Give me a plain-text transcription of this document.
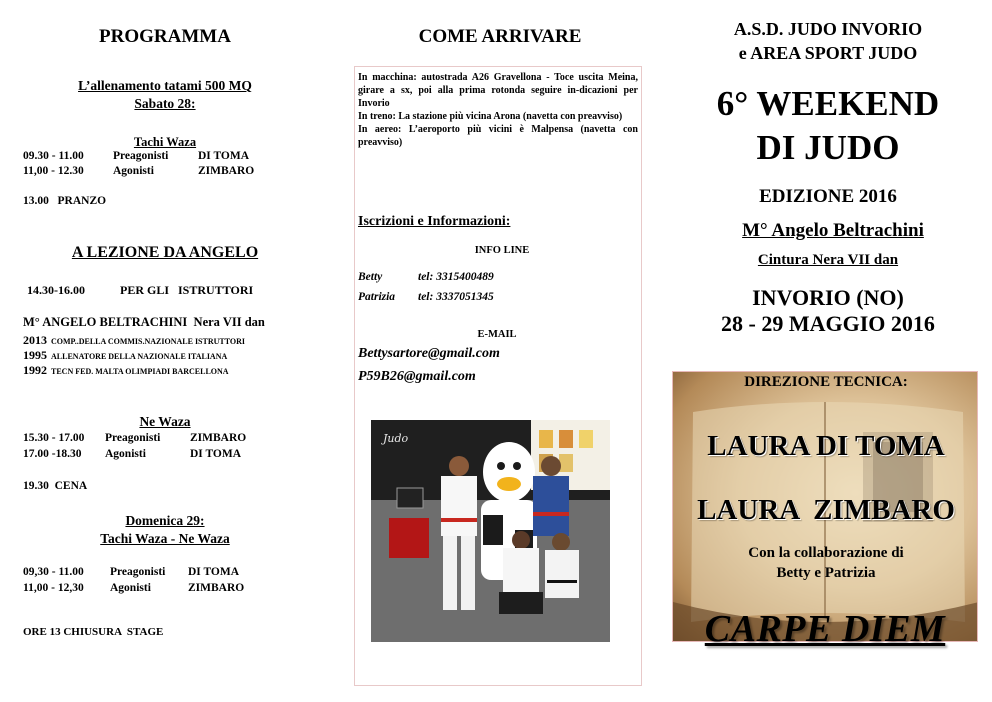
PROGRAMMA
L’allenamento tatami 500 MQ
Sabato 28:
Tachi Waza
09.30 - 11.00	Preagonisti	DI TOMA
11,00 - 12.30	Agonisti	ZIMBARO
13.00   PRANZO
A LEZIONE DA ANGELO
14.30-16.00	PER GLI   ISTRUTTORI
M° ANGELO BELTRACHINI  Nera VII dan
2013 COMP..DELLA COMMIS.NAZIONALE ISTRUTTORI
1995 ALLENATORE DELLA NAZIONALE ITALIANA
1992 TECN FED. MALTA OLIMPIADI BARCELLONA
Ne Waza
15.30 - 17.00 Preagonisti	ZIMBARO
17.00 -18.30 Agonisti	DI TOMA
19.30  CENA
Domenica 29:
Tachi Waza - Ne Waza
09,30 - 11.00 Preagonisti DI TOMA
11,00 - 12,30 Agonisti	ZIMBARO
ORE 13 CHIUSURA  STAGE
COME ARRIVARE

In macchina: autostrada A26 Gravellona - Toce uscita Meina, girare a sx, poi alla prima rotonda seguire in-dicazioni per Invorio

In treno: La stazione più vicina Arona (navetta con preavviso)

In aereo: L’aeroporto più vicini è Malpensa (navetta con preavviso)

Iscrizioni e Informazioni:
INFO LINE
Betty	tel: 3315400489
Patrizia tel: 3337051345
E-MAIL
Bettysartore@gmail.com
P59B26@gmail.com
Judo
A.S.D. JUDO INVORIO
e AREA SPORT JUDO
6° WEEKEND
DI JUDO
EDIZIONE 2016
M° Angelo Beltrachini
Cintura Nera VII dan
INVORIO (NO)
28 - 29 MAGGIO 2016
DIREZIONE TECNICA:
LAURA DI TOMA
LAURA  ZIMBARO
Con la collaborazione di
Betty e Patrizia
CARPE DIEM
